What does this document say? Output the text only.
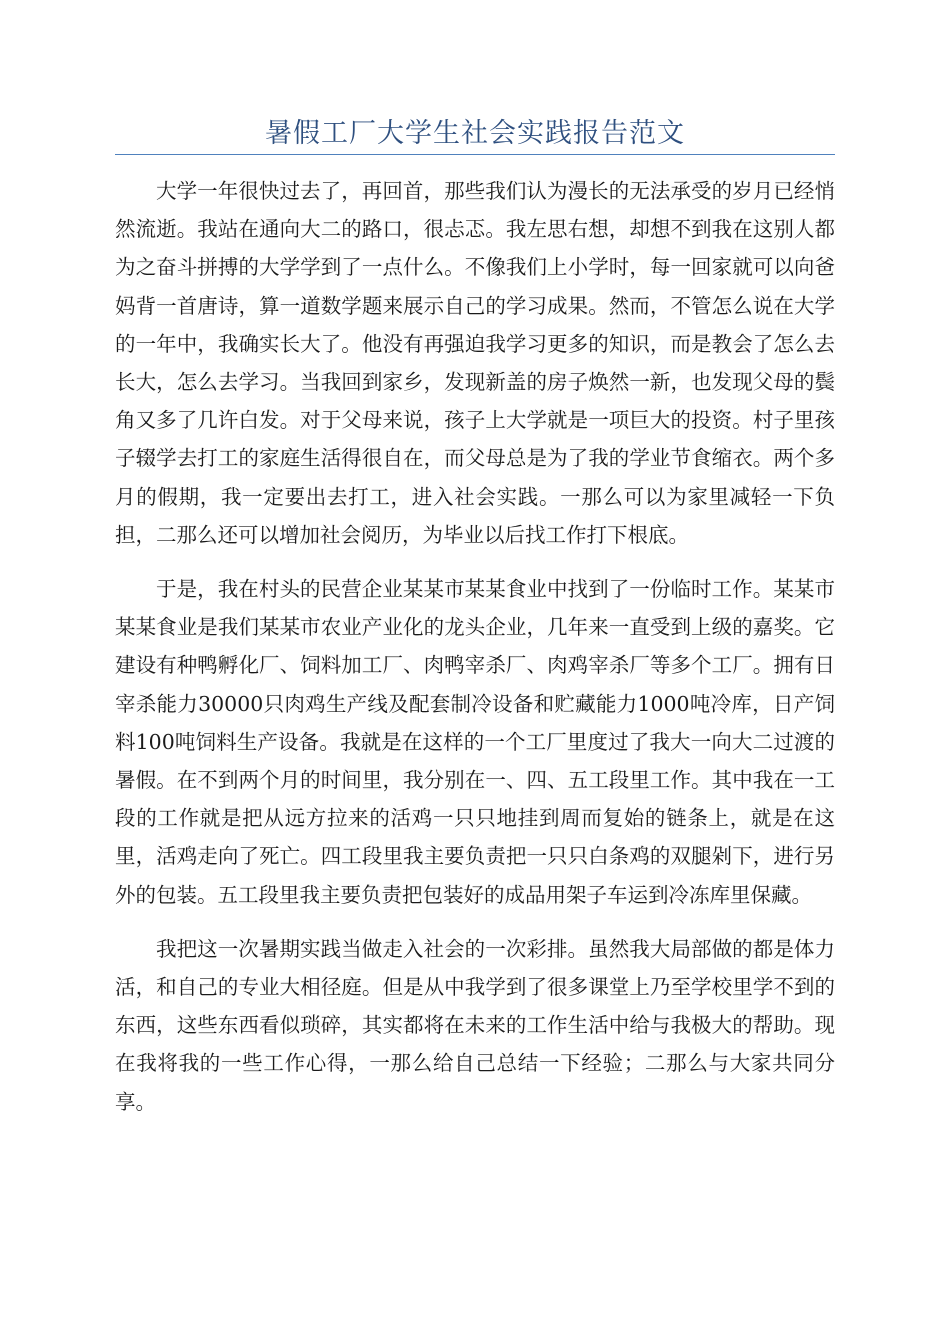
暑假工厂大学生社会实践报告范文

大学一年很快过去了，再回首，那些我们认为漫长的无法承受的岁月已经悄然流逝。我站在通向大二的路口，很忐忑。我左思右想，却想不到我在这别人都为之奋斗拼搏的大学学到了一点什么。不像我们上小学时，每一回家就可以向爸妈背一首唐诗，算一道数学题来展示自己的学习成果。然而，不管怎么说在大学的一年中，我确实长大了。他没有再强迫我学习更多的知识，而是教会了怎么去长大，怎么去学习。当我回到家乡，发现新盖的房子焕然一新，也发现父母的鬓角又多了几许白发。对于父母来说，孩子上大学就是一项巨大的投资。村子里孩子辍学去打工的家庭生活得很自在，而父母总是为了我的学业节食缩衣。两个多月的假期，我一定要出去打工，进入社会实践。一那么可以为家里减轻一下负担，二那么还可以增加社会阅历，为毕业以后找工作打下根底。

于是，我在村头的民营企业某某市某某食业中找到了一份临时工作。某某市某某食业是我们某某市农业产业化的龙头企业，几年来一直受到上级的嘉奖。它建设有种鸭孵化厂、饲料加工厂、肉鸭宰杀厂、肉鸡宰杀厂等多个工厂。拥有日宰杀能力30000只肉鸡生产线及配套制冷设备和贮藏能力1000吨冷库，日产饲料100吨饲料生产设备。我就是在这样的一个工厂里度过了我大一向大二过渡的暑假。在不到两个月的时间里，我分别在一、四、五工段里工作。其中我在一工段的工作就是把从远方拉来的活鸡一只只地挂到周而复始的链条上，就是在这里，活鸡走向了死亡。四工段里我主要负责把一只只白条鸡的双腿剁下，进行另外的包装。五工段里我主要负责把包装好的成品用架子车运到冷冻库里保藏。

我把这一次暑期实践当做走入社会的一次彩排。虽然我大局部做的都是体力活，和自己的专业大相径庭。但是从中我学到了很多课堂上乃至学校里学不到的东西，这些东西看似琐碎，其实都将在未来的工作生活中给与我极大的帮助。现在我将我的一些工作心得，一那么给自己总结一下经验；二那么与大家共同分享。
